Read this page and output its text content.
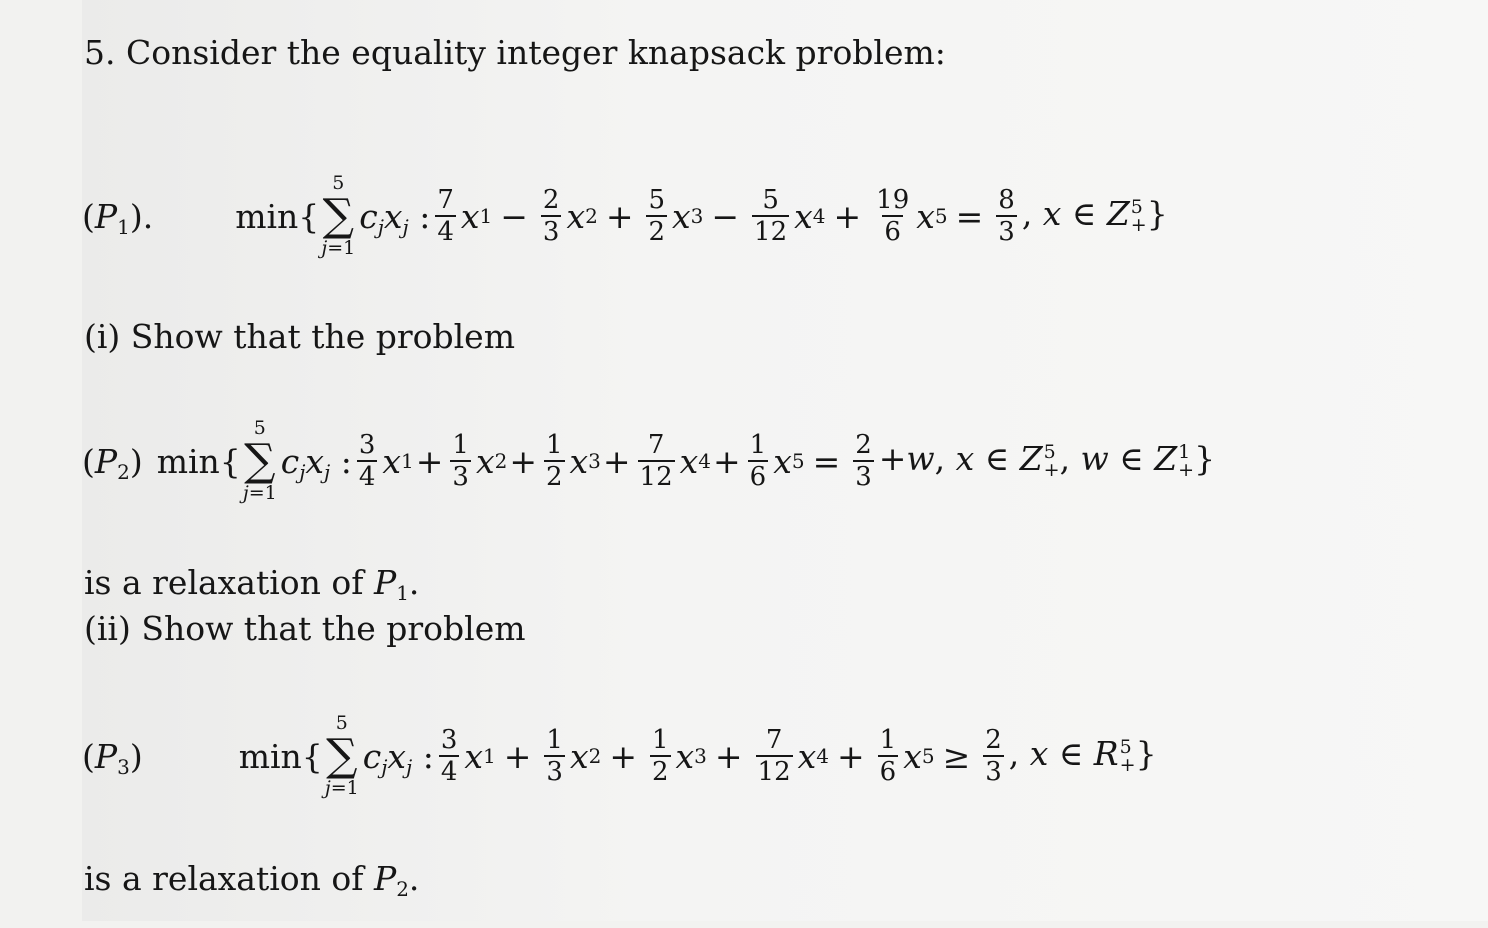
5. Consider the equality integer knapsack problem:
$(P_1)$. min{
5
∑
j=1
$c_jx_j$ : $\frac{7}{4}$ x $1 - \frac{2}{3}$ x $2 + \frac{5}{2}$ x $3 - \frac{5}{12}$ x $4 + \frac{19}{6}$ x $5 = \frac{8}{3}$ , x ∈ Z 5
+ }
(i) Show that the problem
$(P_2)$ min{
5
∑
j=1
$c_jx_j$ : $\frac{3}{4}$ x $1 + \frac{1}{3}$ x $2 + \frac{1}{2}$ x $3 + \frac{7}{12}$ x $4 + \frac{1}{6}$ x $5 = \frac{2}{3} +w$, x ∈ Z 5
+ , w ∈ Z 1
+ }
is a relaxation of $P_1$.
(ii) Show that the problem
$(P_3)$	min{
5
∑
j=1
$c_jx_j$ : $\frac{3}{4}$ x $1 + \frac{1}{3}$ x $2 + \frac{1}{2}$ x $3 + \frac{7}{12}$ x $4 + \frac{1}{6}$ x $5 \ge \frac{2}{3}$ , x ∈ R 5
+ }
is a relaxation of $P_2$.
